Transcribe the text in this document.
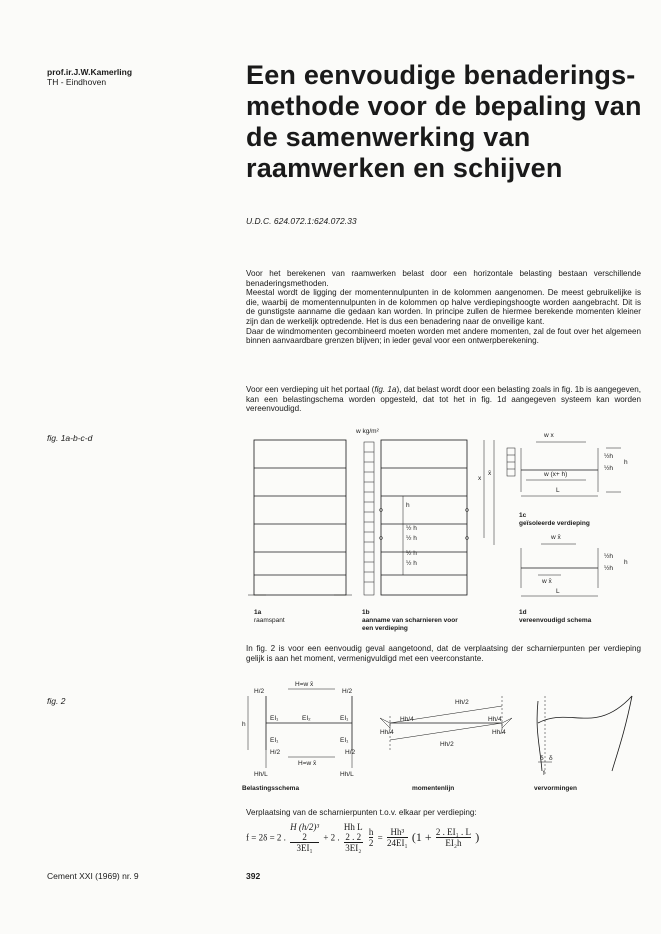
prof.ir.J.W.Kamerling
TH - Eindhoven	Een eenvoudige benaderings-methode voor de bepaling van de samenwerking van raamwerken en schijven
U.D.C. 624.072.1:624.072.33
Voor het berekenen van raamwerken belast door een horizontale belasting bestaan verschillende benaderingsmethoden.
Meestal wordt de ligging der momentennulpunten in de kolommen aangenomen. De meest gebruikelijke is die, waarbij de momentennulpunten in de kolommen op halve verdiepingshoogte worden aangebracht. Dit is de gunstigste aanname die gedaan kan worden. In principe zullen de hiermee berekende momenten kleiner zijn dan de werkelijk optredende. Het is dus een benadering naar de onveilige kant.
Daar de windmomenten gecombineerd moeten worden met andere momenten, zal de fout over het algemeen binnen aanvaardbare grenzen blijven; in ieder geval voor een ontwerpberekening.
Voor een verdieping uit het portaal (fig. 1a), dat belast wordt door een belasting zoals in fig. 1b is aangegeven, kan een belastingschema worden opgesteld, dat tot het in fig. 1d aangegeven systeem kan worden vereenvoudigd.
fig. 1a-b-c-d
fig. 2
1a
raamspant
w kg/m²
h
½ h
½ h
½ h
½ h
x
x̄
1b
aanname van scharnieren voor
een verdieping
w x
w (x+ h)
L
½h
½h
h
1c
geïsoleerde verdieping
w x̄
w x̄
L
½h
½h
h
1d
vereenvoudigd schema
In fig. 2 is voor een eenvoudig geval aangetoond, dat de verplaatsing der scharnierpunten per verdieping gelijk is aan het moment, vermenigvuldigd met een veerconstante.
H=w x̄
H/2	H/2
EI₁	EI₁
EI₂
EI₁	EI₁
h
H/2	H/2
H=w x̄
Hh/L	Hh/L
Belastingsschema
Hh/2
Hh/4	Hh/4
Hh/4	Hh/4
Hh/2
momentenlijn
δ δ
f
vervormingen
Verplaatsing van de scharnierpunten t.o.v. elkaar per verdieping:
f = 2δ = 2 .
H (h/2)³
2
3EI₁
+ 2 .
Hh L
2 . 2
3EI₂
$\frac{h}{2} = \frac{\text{Hh³}}{\text{24EI₁}} (1 + \frac{\text{2 . EI₁ . L}}{\text{EI₂h}}$ )
Cement XXI (1969) nr. 9	392
